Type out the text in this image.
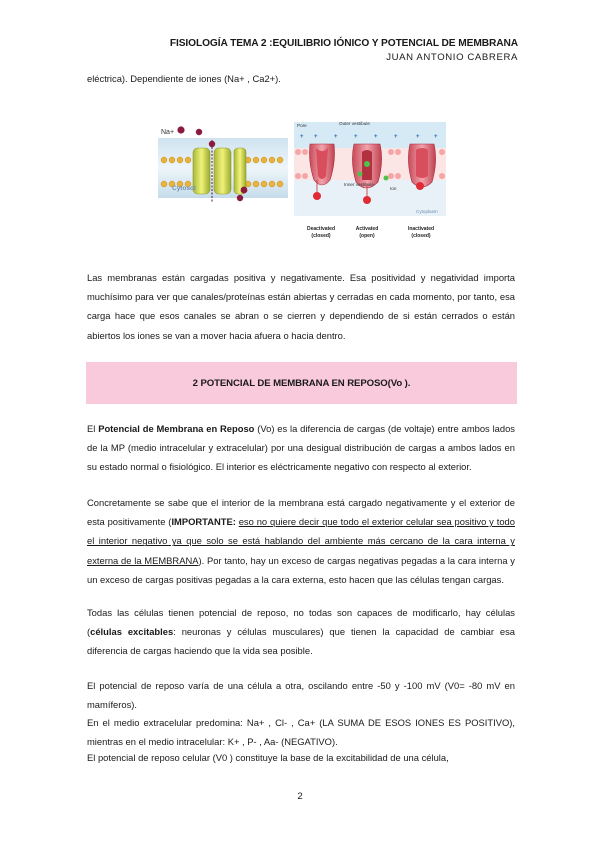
FISIOLOGÍA TEMA 2 :EQUILIBRIO IÓNICO Y POTENCIAL DE MEMBRANA
JUAN ANTONIO CABRERA
eléctrica). Dependiente de iones (Na+ , Ca2+).
Na+
Cytosol
+ +	+	+	+	+	+ +
Pore	Outer vestibule
Inner vestibule
Ion
Cytoplasm
Deactivated
(closed)
Activated
(open)
Inactivated
(closed)
Las membranas están cargadas positiva y negativamente. Esa positividad y negatividad importa muchísimo para ver que canales/proteínas están abiertas y cerradas en cada momento, por tanto, esa carga hace que esos canales se abran o se cierren y dependiendo de si están cerrados o están abiertos los iones se van a mover hacia afuera o hacia dentro.
2 POTENCIAL DE MEMBRANA EN REPOSO(Vo ).
El Potencial de Membrana en Reposo (Vo) es la diferencia de cargas (de voltaje) entre ambos lados de la MP (medio intracelular y extracelular) por una desigual distribución de cargas a ambos lados en su estado normal o fisiológico. El interior es eléctricamente negativo con respecto al exterior.
Concretamente se sabe que el interior de la membrana está cargado negativamente y el exterior de esta positivamente (IMPORTANTE: eso no quiere decir que todo el exterior celular sea positivo y todo el interior negativo ya que solo se está hablando del ambiente más cercano de la cara interna y externa de la MEMBRANA). Por tanto, hay un exceso de cargas negativas pegadas a la cara interna y un exceso de cargas positivas pegadas a la cara externa, esto hacen que las células tengan cargas.
Todas las células tienen potencial de reposo, no todas son capaces de modificarlo, hay células (células excitables: neuronas y células musculares) que tienen la capacidad de cambiar esa diferencia de cargas haciendo que la vida sea posible.
El potencial de reposo varía de una célula a otra, oscilando entre -50 y -100 mV (V0= -80 mV en mamíferos).
En el medio extracelular predomina: Na+ , Cl- , Ca+ (LA SUMA DE ESOS IONES ES POSITIVO), mientras en el medio intracelular: K+ , P- , Aa- (NEGATIVO).
El potencial de reposo celular (V0 ) constituye la base de la excitabilidad de una célula,
2
